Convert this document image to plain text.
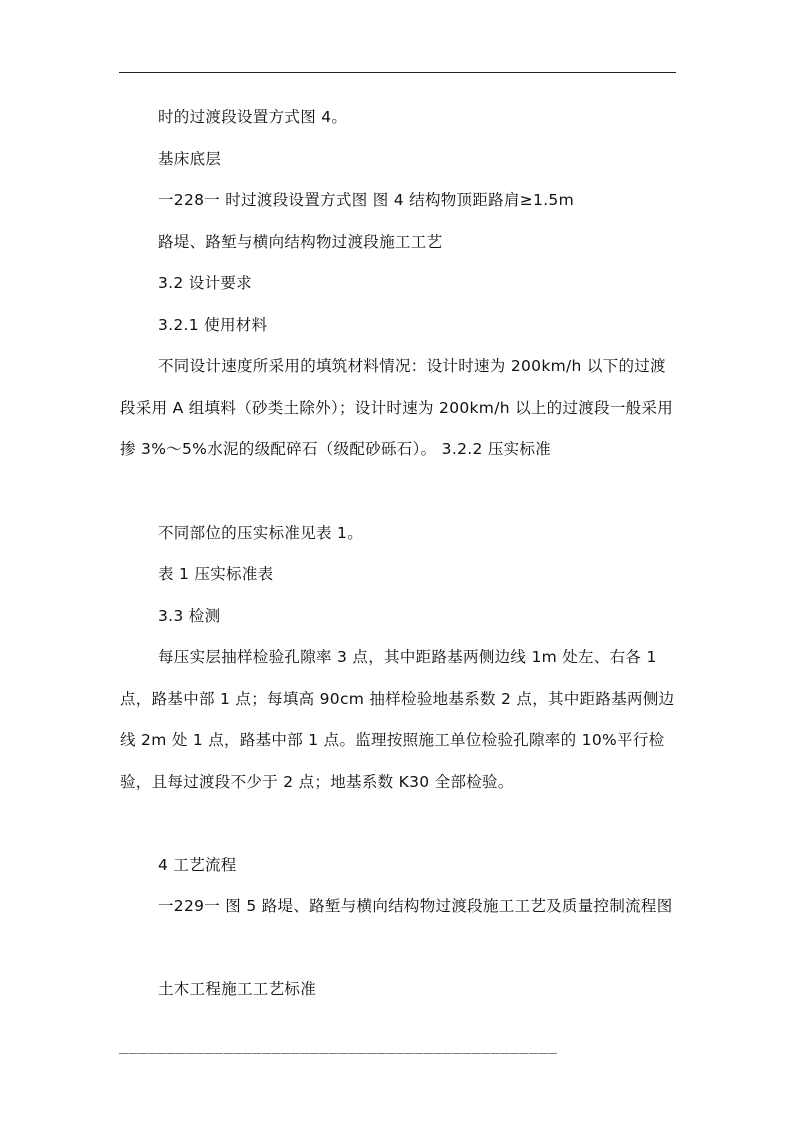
时的过渡段设置方式图 4。

基床底层

一228一 时过渡段设置方式图 图 4 结构物顶距路肩≥1.5m

路堤、路堑与横向结构物过渡段施工工艺

3.2 设计要求

3.2.1 使用材料

不同设计速度所采用的填筑材料情况：设计时速为 200km/h 以下的过渡段采用 A 组填料（砂类土除外）；设计时速为 200km/h 以上的过渡段一般采用掺 3%～5%水泥的级配碎石（级配砂砾石）。 3.2.2 压实标准

不同部位的压实标准见表 1。

表 1 压实标准表

3.3 检测

每压实层抽样检验孔隙率 3 点，其中距路基两侧边线 1m 处左、右各 1 点，路基中部 1 点；每填高 90cm 抽样检验地基系数 2 点，其中距路基两侧边线 2m 处 1 点，路基中部 1 点。监理按照施工单位检验孔隙率的 10%平行检验，且每过渡段不少于 2 点；地基系数 K30 全部检验。

4 工艺流程

一229一 图 5 路堤、路堑与横向结构物过渡段施工工艺及质量控制流程图

土木工程施工工艺标准

______________________________________________
